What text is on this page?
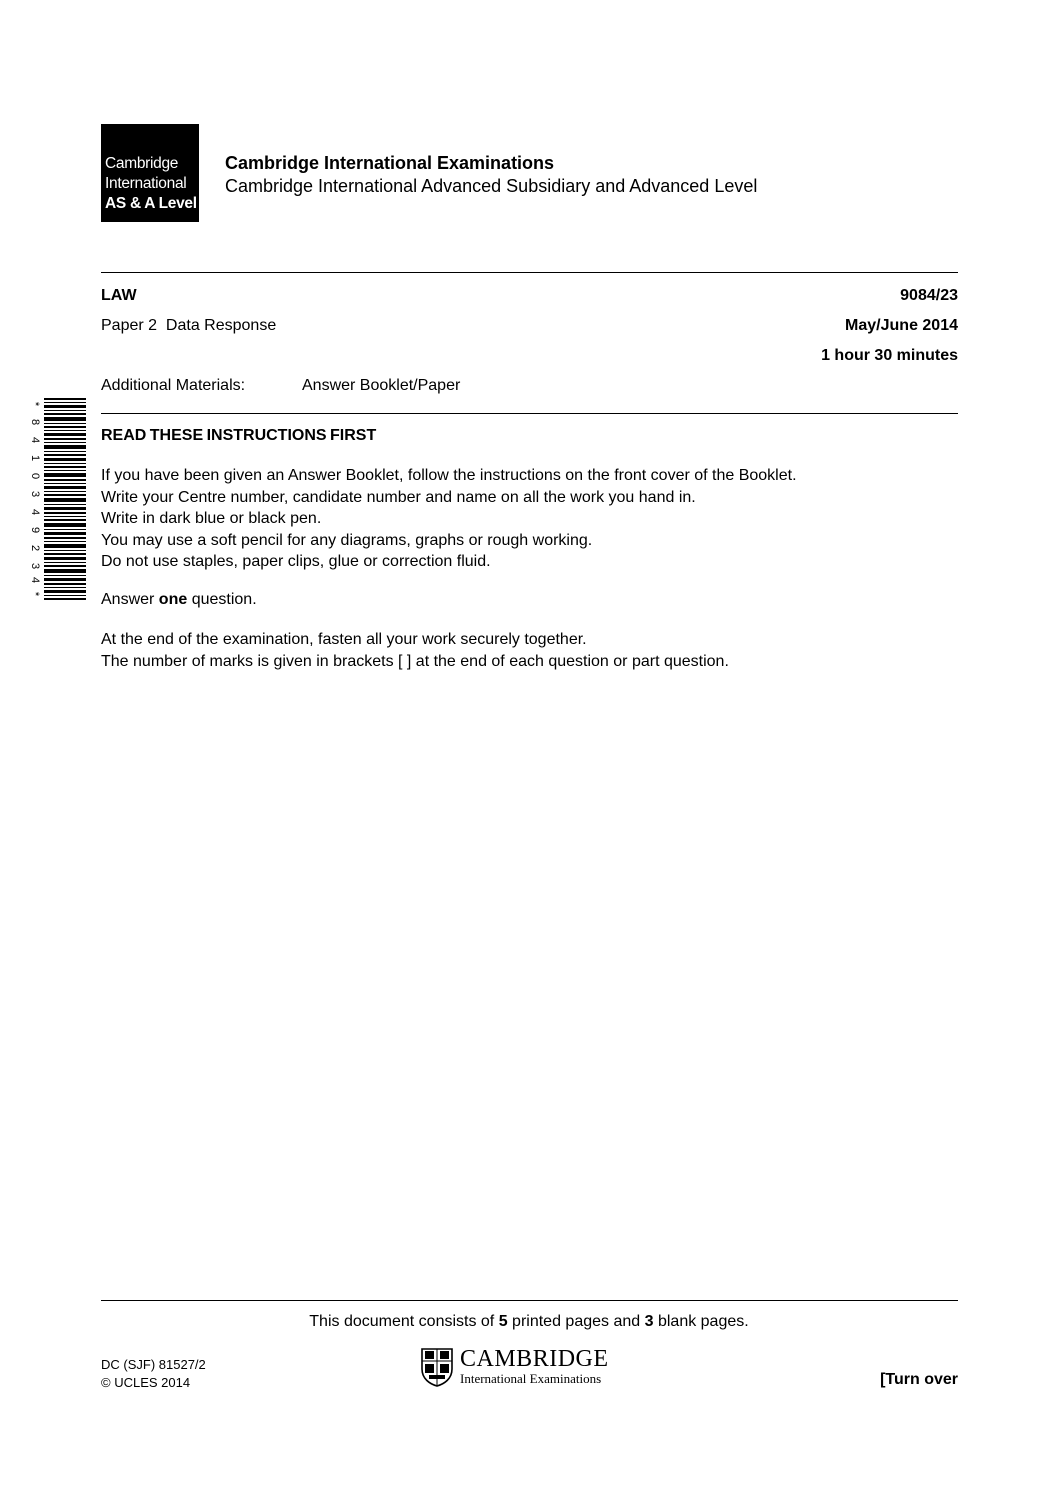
Cambridge
International
AS & A Level
Cambridge International Examinations
Cambridge International Advanced Subsidiary and Advanced Level
LAW	9084/23
Paper 2  Data Response	May/June 2014
1 hour 30 minutes
Additional Materials:	Answer Booklet/Paper
*
8
4
1
0
3
4
9
2
3
4
*
READ THESE INSTRUCTIONS FIRST
If you have been given an Answer Booklet, follow the instructions on the front cover of the Booklet.
Write your Centre number, candidate number and name on all the work you hand in.
Write in dark blue or black pen.
You may use a soft pencil for any diagrams, graphs or rough working.
Do not use staples, paper clips, glue or correction fluid.
Answer one question.
At the end of the examination, fasten all your work securely together.
The number of marks is given in brackets [ ] at the end of each question or part question.
This document consists of 5 printed pages and 3 blank pages.
DC (SJF) 81527/2
© UCLES 2014
CAMBRIDGE
International Examinations	[Turn over
